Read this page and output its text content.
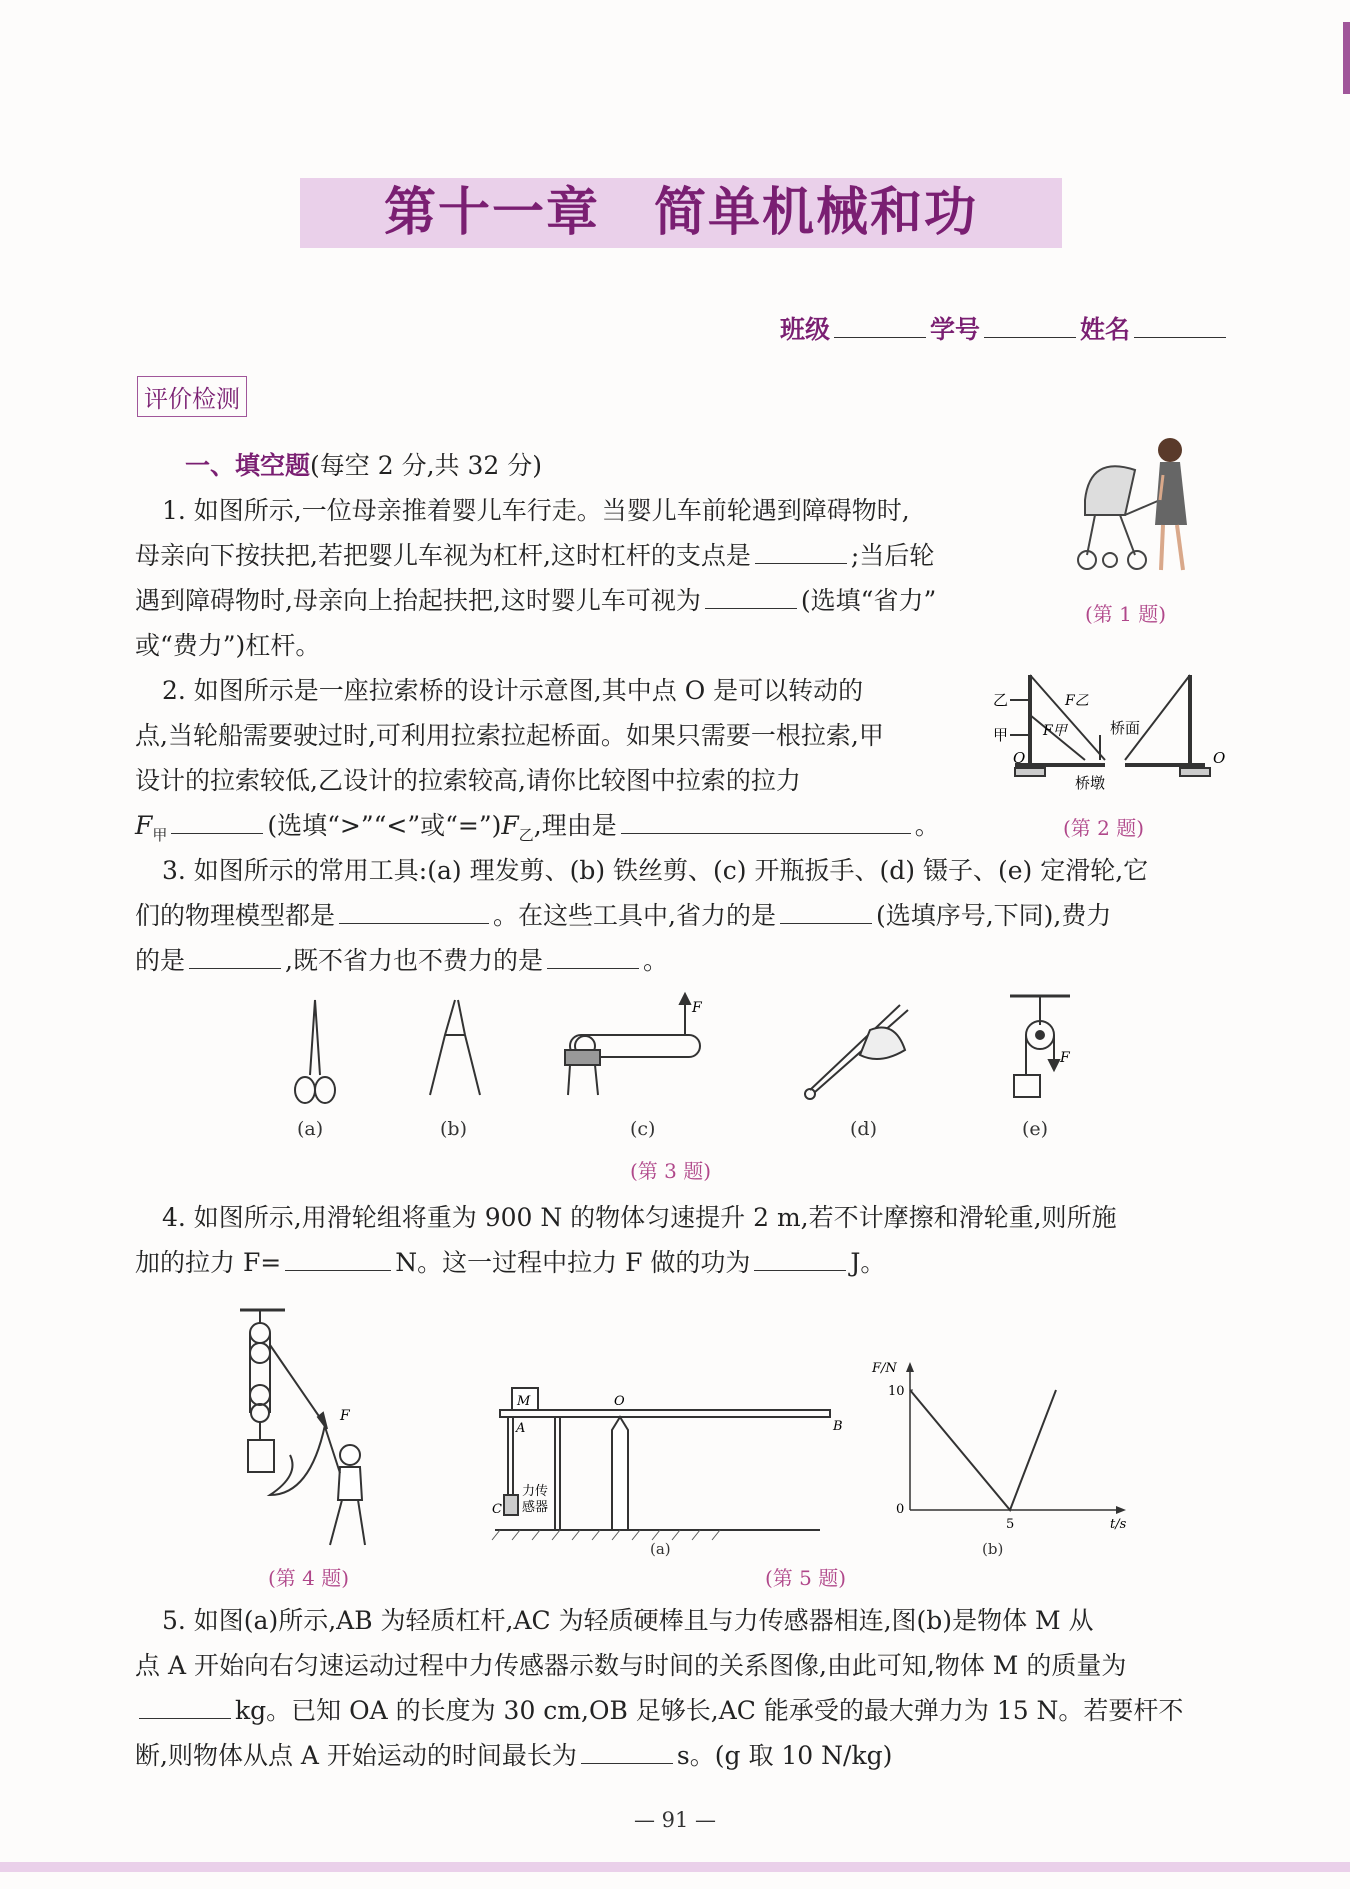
第十一章　简单机械和功
班级	学号	姓名
评价检测

一、填空题(每空 2 分,共 32 分)

1. 如图所示,一位母亲推着婴儿车行走。当婴儿车前轮遇到障碍物时,

母亲向下按扶把,若把婴儿车视为杠杆,这时杠杆的支点是	;当后轮

遇到障碍物时,母亲向上抬起扶把,这时婴儿车可视为	(选填“省力”

或“费力”)杠杆。

(第 1 题)

2. 如图所示是一座拉索桥的设计示意图,其中点 O 是可以转动的

点,当轮船需要驶过时,可利用拉索拉起桥面。如果只需要一根拉索,甲

设计的拉索较低,乙设计的拉索较高,请你比较图中拉索的拉力

$F_甲$	(选填“>”“<”或“$=”)F_乙$,理由是	。

乙
甲
F乙
F甲
O	O
桥面
桥墩
(第 2 题)

3. 如图所示的常用工具:(a) 理发剪、(b) 铁丝剪、(c) 开瓶扳手、(d) 镊子、(e) 定滑轮,它

们的物理模型都是	。在这些工具中,省力的是	(选填序号,下同),费力

的是	,既不省力也不费力的是	。

F
F
(a)	(b)	(c)	(d)	(e)
(第 3 题)

4. 如图所示,用滑轮组将重为 900 N 的物体匀速提升 2 m,若不计摩擦和滑轮重,则所施

加的拉力 F=	N。这一过程中拉力 F 做的功为	J。

F
(第 4 题)
M	O
A	B
C
力传
感器
(a)
F/N
t/s
10
0
5
(b)
(第 5 题)

5. 如图(a)所示,AB 为轻质杠杆,AC 为轻质硬棒且与力传感器相连,图(b)是物体 M 从

点 A 开始向右匀速运动过程中力传感器示数与时间的关系图像,由此可知,物体 M 的质量为

kg。已知 OA 的长度为 30 cm,OB 足够长,AC 能承受的最大弹力为 15 N。若要杆不

断,则物体从点 A 开始运动的时间最长为	s。(g 取 10 N/kg)

— 91 —
